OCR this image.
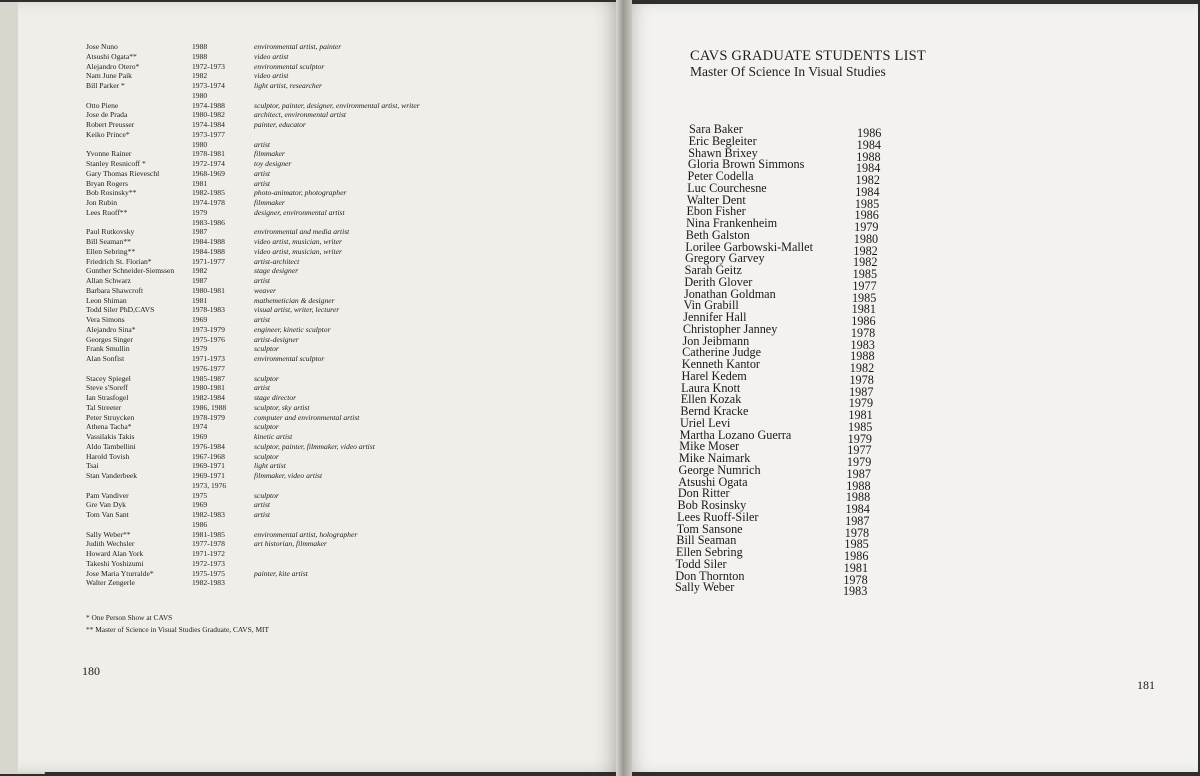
Jose Nuno	1988	environmental artist, painter
Atsushi Ogata**	1988	video artist
Alejandro Otero*	1972-1973	environmental sculptor
Nam June Paik	1982	video artist
Bill Parker *	1973-1974	light artist, researcher
1980
Otto Piene	1974-1988	sculptor, painter, designer, environmental artist, writer
Jose de Prada	1980-1982	architect, environmental artist
Robert Preusser	1974-1984	painter, educator
Keiko Prince*	1973-1977
1980	artist
Yvonne Rainer	1978-1981	filmmaker
Stanley Resnicoff *	1972-1974	toy designer
Gary Thomas Rieveschl	1968-1969	artist
Bryan Rogers	1981	artist
Bob Rosinsky**	1982-1985	photo-animator, photographer
Jon Rubin	1974-1978	filmmaker
Lees Ruoff**	1979	designer, environmental artist
1983-1986
Paul Rutkovsky	1987	environmental and media artist
Bill Seaman**	1984-1988	video artist, musician, writer
Ellen Sebring**	1984-1988	video artist, musician, writer
Friedrich St. Florian*	1971-1977	artist-architect
Gunther Schneider-Siemssen 1982	stage designer
Allan Schwarz	1987	artist
Barbara Shawcroft	1980-1981	weaver
Leon Shiman	1981	mathemetician & designer
Todd Siler PhD,CAVS	1978-1983	visual artist, writer, lecturer
Vera Simons	1969	artist
Alejandro Sina*	1973-1979	engineer, kinetic sculptor
Georges Singer	1975-1976	artist-designer
Frank Smullin	1979	sculptor
Alan Sonfist	1971-1973	environmental sculptor
1976-1977
Stacey Spiegel	1985-1987	sculptor
Steve s'Soreff	1980-1981	artist
Ian Strasfogel	1982-1984	stage director
Tal Streeter	1986, 1988	sculptor, sky artist
Peter Struycken	1978-1979	computer and environmental artist
Athena Tacha*	1974	sculptor
Vassilakis Takis	1969	kinetic artist
Aldo Tambellini	1976-1984	sculptor, painter, filmmaker, video artist
Harold Tovish	1967-1968	sculptor
Tsai	1969-1971	light artist
Stan Vanderbeek	1969-1971	filmmaker, video artist
1973, 1976
Pam Vandiver	1975	sculptor
Gre Van Dyk	1969	artist
Tom Van Sant	1982-1983	artist
1986
Sally Weber**	1981-1985	environmental artist, holographer
Judith Wechsler	1977-1978	art historian, filmmaker
Howard Alan York	1971-1972
Takeshi Yoshizumi	1972-1973
Jose Maria Yturralde*	1975-1975	painter, kite artist
Walter Zengerle	1982-1983
* One Person Show at CAVS
** Master of Science in Visual Studies Graduate, CAVS, MIT
180
CAVS GRADUATE STUDENTS LIST
Master Of Science In Visual Studies
Sara Baker	1986
Eric Begleiter	1984
Shawn Brixey	1988
Gloria Brown Simmons	1984
Peter Codella	1982
Luc Courchesne	1984
Walter Dent	1985
Ebon Fisher	1986
Nina Frankenheim	1979
Beth Galston	1980
Lorilee Garbowski-Mallet	1982
Gregory Garvey	1982
Sarah Geitz	1985
Derith Glover	1977
Jonathan Goldman	1985
Vin Grabill	1981
Jennifer Hall	1986
Christopher Janney	1978
Jon Jeibmann	1983
Catherine Judge	1988
Kenneth Kantor	1982
Harel Kedem	1978
Laura Knott	1987
Ellen Kozak	1979
Bernd Kracke	1981
Uriel Levi	1985
Martha Lozano Guerra	1979
Mike Moser	1977
Mike Naimark	1979
George Numrich	1987
Atsushi Ogata	1988
Don Ritter	1988
Bob Rosinsky	1984
Lees Ruoff-Siler	1987
Tom Sansone	1978
Bill Seaman	1985
Ellen Sebring	1986
Todd Siler	1981
Don Thornton	1978
Sally Weber	1983
181
